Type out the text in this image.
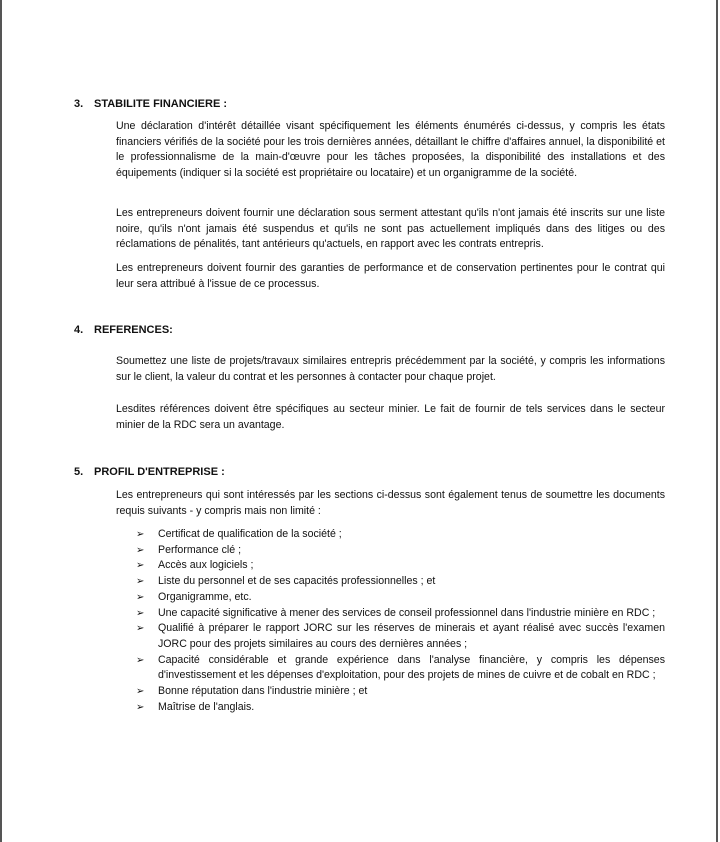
3. STABILITE FINANCIERE :

Une déclaration d'intérêt détaillée visant spécifiquement les éléments énumérés ci-dessus, y compris les états financiers vérifiés de la société pour les trois dernières années, détaillant le chiffre d'affaires annuel, la disponibilité et le professionnalisme de la main-d'œuvre pour les tâches proposées, la disponibilité des installations et des équipements (indiquer si la société est propriétaire ou locataire) et un organigramme de la société.

Les entrepreneurs doivent fournir une déclaration sous serment attestant qu'ils n'ont jamais été inscrits sur une liste noire, qu'ils n'ont jamais été suspendus et qu'ils ne sont pas actuellement impliqués dans des litiges ou des réclamations de pénalités, tant antérieurs qu'actuels, en rapport avec les contrats entrepris.

Les entrepreneurs doivent fournir des garanties de performance et de conservation pertinentes pour le contrat qui leur sera attribué à l'issue de ce processus.

4. REFERENCES:

Soumettez une liste de projets/travaux similaires entrepris précédemment par la société, y compris les informations sur le client, la valeur du contrat et les personnes à contacter pour chaque projet.

Lesdites références doivent être spécifiques au secteur minier. Le fait de fournir de tels services dans le secteur minier de la RDC sera un avantage.

5. PROFIL D'ENTREPRISE :

Les entrepreneurs qui sont intéressés par les sections ci-dessus sont également tenus de soumettre les documents requis suivants - y compris mais non limité :

➢ Certificat de qualification de la société ;
➢ Performance clé ;
➢ Accès aux logiciels ;
➢ Liste du personnel et de ses capacités professionnelles ; et
➢ Organigramme, etc.
➢ Une capacité significative à mener des services de conseil professionnel dans l'industrie minière en RDC ;
➢ Qualifié à préparer le rapport JORC sur les réserves de minerais et ayant réalisé avec succès l'examen JORC pour des projets similaires au cours des dernières années ;
➢ Capacité considérable et grande expérience dans l'analyse financière, y compris les dépenses d'investissement et les dépenses d'exploitation, pour des projets de mines de cuivre et de cobalt en RDC ;
➢ Bonne réputation dans l'industrie minière ; et
➢ Maîtrise de l'anglais.
